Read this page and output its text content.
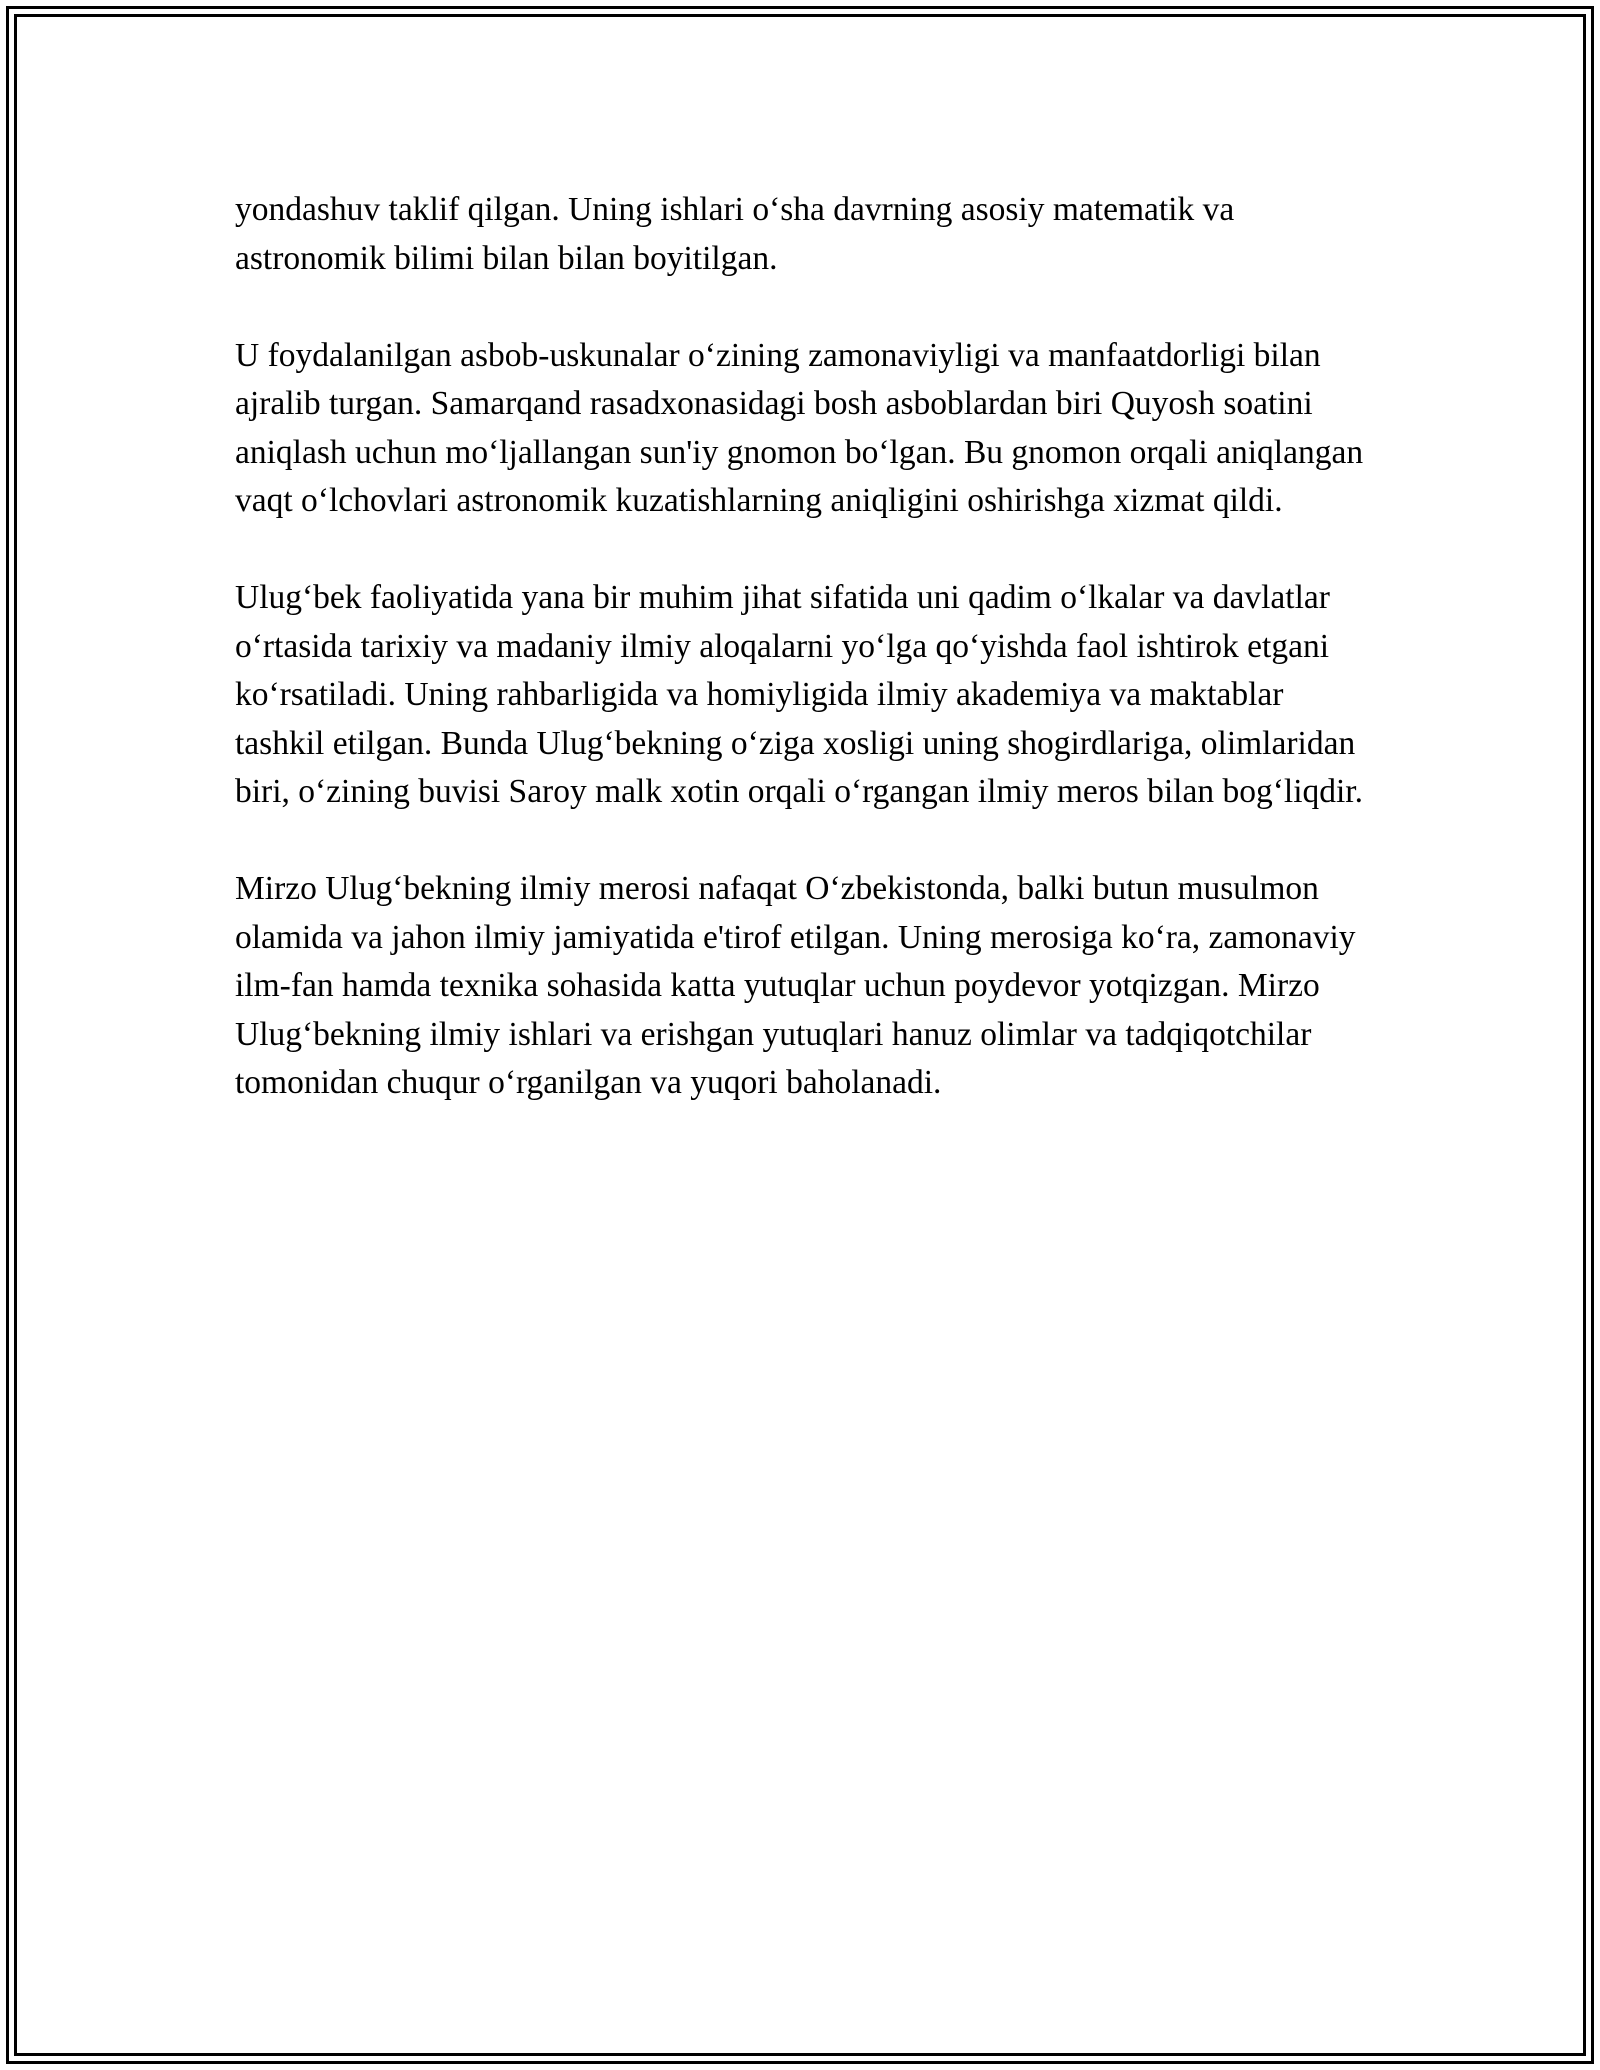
yondashuv taklif qilgan. Uning ishlari o‘sha davrning asosiy matematik va astronomik bilimi bilan bilan boyitilgan.

U foydalanilgan asbob-uskunalar o‘zining zamonaviyligi va manfaatdorligi bilan ajralib turgan. Samarqand rasadxonasidagi bosh asboblardan biri Quyosh soatini aniqlash uchun mo‘ljallangan sun'iy gnomon bo‘lgan. Bu gnomon orqali aniqlangan vaqt o‘lchovlari astronomik kuzatishlarning aniqligini oshirishga xizmat qildi.

Ulug‘bek faoliyatida yana bir muhim jihat sifatida uni qadim o‘lkalar va davlatlar o‘rtasida tarixiy va madaniy ilmiy aloqalarni yo‘lga qo‘yishda faol ishtirok etgani ko‘rsatiladi. Uning rahbarligida va homiyligida ilmiy akademiya va maktablar tashkil etilgan. Bunda Ulug‘bekning o‘ziga xosligi uning shogirdlariga, olimlaridan biri, o‘zining buvisi Saroy malk xotin orqali o‘rgangan ilmiy meros bilan bog‘liqdir.

Mirzo Ulug‘bekning ilmiy merosi nafaqat O‘zbekistonda, balki butun musulmon olamida va jahon ilmiy jamiyatida e'tirof etilgan. Uning merosiga ko‘ra, zamonaviy ilm-fan hamda texnika sohasida katta yutuqlar uchun poydevor yotqizgan. Mirzo Ulug‘bekning ilmiy ishlari va erishgan yutuqlari hanuz olimlar va tadqiqotchilar tomonidan chuqur o‘rganilgan va yuqori baholanadi.
